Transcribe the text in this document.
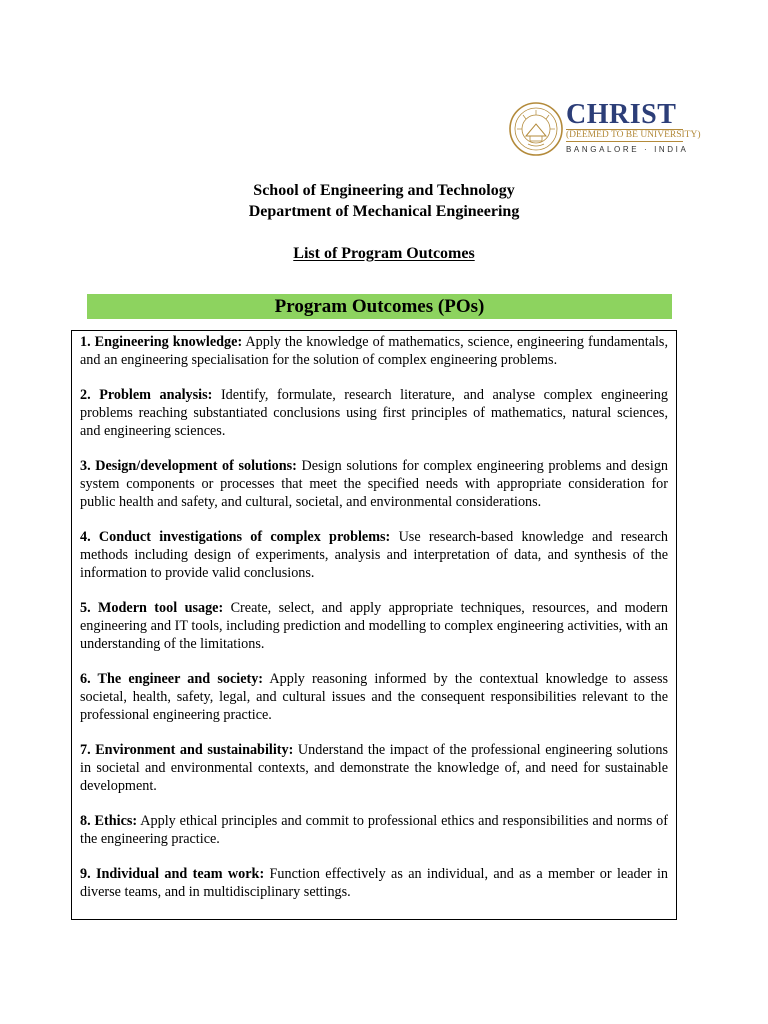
CHRIST
(DEEMED TO BE UNIVERSITY)
BANGALORE · INDIA
School of Engineering and Technology
Department of Mechanical Engineering
List of Program Outcomes
Program Outcomes (POs)

1. Engineering knowledge: Apply the knowledge of mathematics, science, engineering fundamentals, and an engineering specialisation for the solution of complex engineering problems.

2. Problem analysis: Identify, formulate, research literature, and analyse complex engineering problems reaching substantiated conclusions using first principles of mathematics, natural sciences, and engineering sciences.

3. Design/development of solutions: Design solutions for complex engineering problems and design system components or processes that meet the specified needs with appropriate consideration for public health and safety, and cultural, societal, and environmental considerations.

4. Conduct investigations of complex problems: Use research-based knowledge and research methods including design of experiments, analysis and interpretation of data, and synthesis of the information to provide valid conclusions.

5. Modern tool usage: Create, select, and apply appropriate techniques, resources, and modern engineering and IT tools, including prediction and modelling to complex engineering activities, with an understanding of the limitations.

6. The engineer and society: Apply reasoning informed by the contextual knowledge to assess societal, health, safety, legal, and cultural issues and the consequent responsibilities relevant to the professional engineering practice.

7. Environment and sustainability: Understand the impact of the professional engineering solutions in societal and environmental contexts, and demonstrate the knowledge of, and need for sustainable development.

8. Ethics: Apply ethical principles and commit to professional ethics and responsibilities and norms of the engineering practice.

9. Individual and team work: Function effectively as an individual, and as a member or leader in diverse teams, and in multidisciplinary settings.
